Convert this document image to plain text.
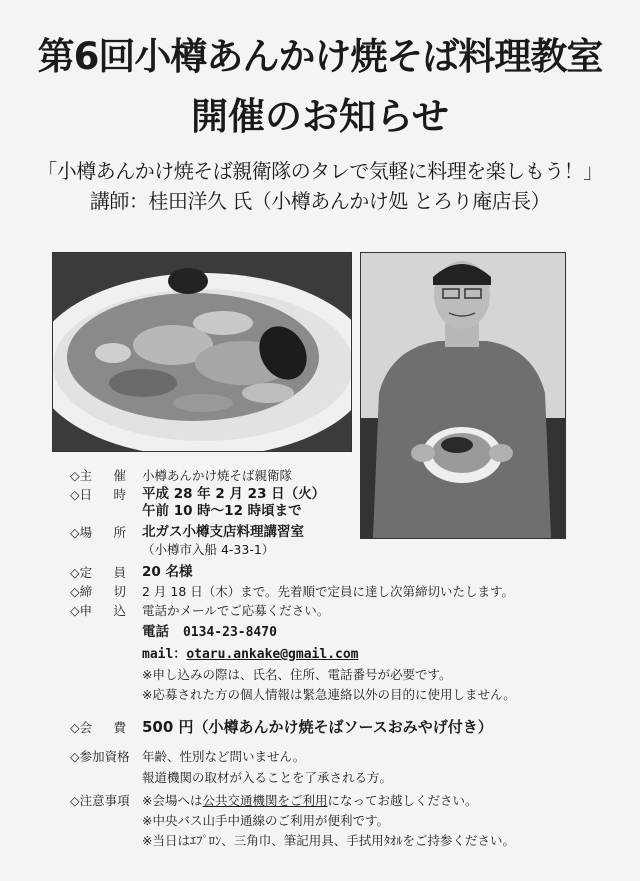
第6回小樽あんかけ焼そば料理教室
開催のお知らせ
「小樽あんかけ焼そば親衛隊のタレで気軽に料理を楽しもう！」
講師：桂田洋久 氏（小樽あんかけ処 とろり庵店長）
◇主 催 小樽あんかけ焼そば親衛隊
◇日 時 平成 28 年 2 月 23 日（火）
午前 10 時～12 時頃まで
◇場 所 北ガス小樽支店料理講習室
（小樽市入船 4-33-1）
◇定 員 20 名様
◇締 切 2 月 18 日（木）まで。先着順で定員に達し次第締切いたします。
◇申 込 電話かメールでご応募ください。
電話 0134-23-8470
mail：otaru.ankake@gmail.com
※申し込みの際は、氏名、住所、電話番号が必要です。
※応募された方の個人情報は緊急連絡以外の目的に使用しません。
◇会 費 500 円（小樽あんかけ焼そばソースおみやげ付き）
◇参加資格 年齢、性別など問いません。
報道機関の取材が入ることを了承される方。
◇注意事項 ※会場へは公共交通機関をご利用になってお越しください。
※中央バス山手中通線のご利用が便利です。
※当日はｴﾌﾟﾛﾝ、三角巾、筆記用具、手拭用ﾀｵﾙをご持参ください。
